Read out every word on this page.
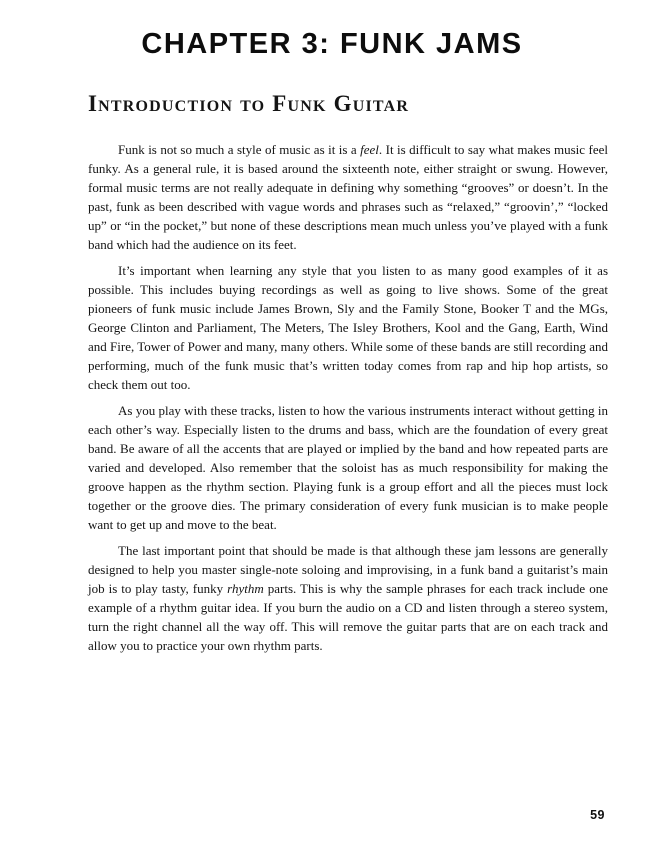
CHAPTER 3: FUNK JAMS
Introduction to Funk Guitar

Funk is not so much a style of music as it is a feel. It is difficult to say what makes music feel funky. As a general rule, it is based around the sixteenth note, either straight or swung. However, formal music terms are not really adequate in defining why something “grooves” or doesn’t. In the past, funk as been described with vague words and phrases such as “relaxed,” “groovin’,” “locked up” or “in the pocket,” but none of these descriptions mean much unless you’ve played with a funk band which had the audience on its feet.

It’s important when learning any style that you listen to as many good examples of it as possible. This includes buying recordings as well as going to live shows. Some of the great pioneers of funk music include James Brown, Sly and the Family Stone, Booker T and the MGs, George Clinton and Parliament, The Meters, The Isley Brothers, Kool and the Gang, Earth, Wind and Fire, Tower of Power and many, many others. While some of these bands are still recording and performing, much of the funk music that’s written today comes from rap and hip hop artists, so check them out too.

As you play with these tracks, listen to how the various instruments interact without getting in each other’s way. Especially listen to the drums and bass, which are the foundation of every great band. Be aware of all the accents that are played or implied by the band and how repeated parts are varied and developed. Also remember that the soloist has as much responsibility for making the groove happen as the rhythm section. Playing funk is a group effort and all the pieces must lock together or the groove dies. The primary consideration of every funk musician is to make people want to get up and move to the beat.

The last important point that should be made is that although these jam lessons are generally designed to help you master single-note soloing and improvising, in a funk band a guitarist’s main job is to play tasty, funky rhythm parts. This is why the sample phrases for each track include one example of a rhythm guitar idea. If you burn the audio on a CD and listen through a stereo system, turn the right channel all the way off. This will remove the guitar parts that are on each track and allow you to practice your own rhythm parts.

59
